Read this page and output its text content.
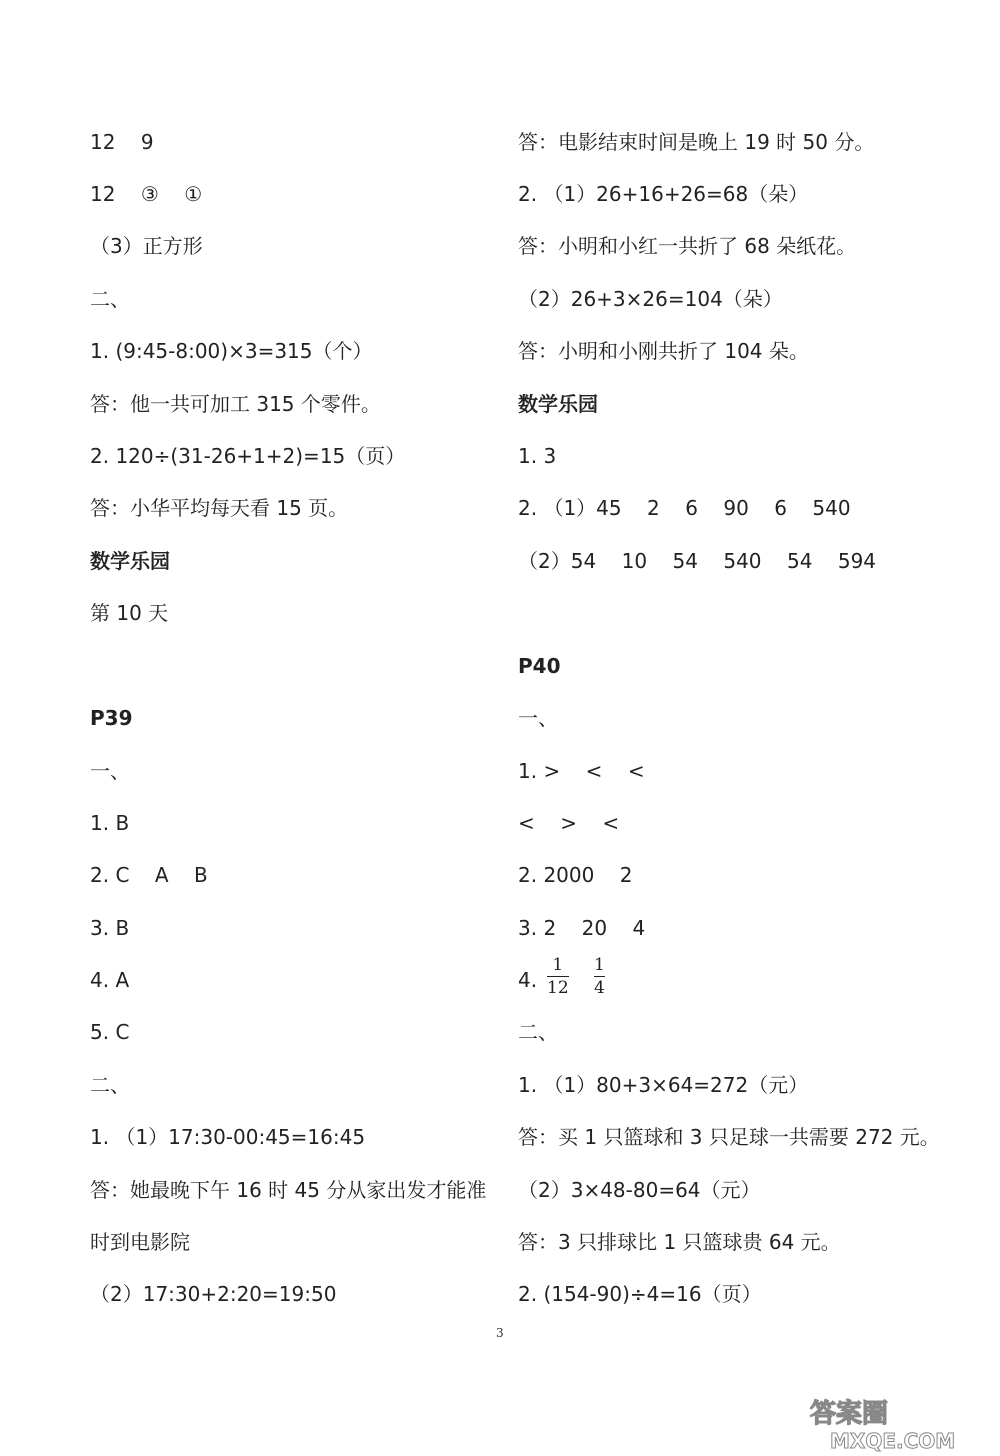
12    9
12    ③    ①
（3）正方形
二、
1. (9:45-8:00)×3=315（个）
答：他一共可加工 315 个零件。
2. 120÷(31-26+1+2)=15（页）
答：小华平均每天看 15 页。
数学乐园
第 10 天
P39
一、
1. B
2. C    A    B
3. B
4. A
5. C
二、
1. （1）17:30-00:45=16:45
答：她最晚下午 16 时 45 分从家出发才能准
时到电影院
（2）17:30+2:20=19:50
答：电影结束时间是晚上 19 时 50 分。
2. （1）26+16+26=68（朵）
答：小明和小红一共折了 68 朵纸花。
（2）26+3×26=104（朵）
答：小明和小刚共折了 104 朵。
数学乐园
1. 3
2. （1）45    2    6    90    6    540
（2）54    10    54    540    54    594
P40
一、
1. >    <    <
<    >    <
2. 2000    2
3. 2    20    4
4.
1
12
1
4
二、
1. （1）80+3×64=272（元）
答：买 1 只篮球和 3 只足球一共需要 272 元。
（2）3×48-80=64（元）
答：3 只排球比 1 只篮球贵 64 元。
2. (154-90)÷4=16（页）
3
答案圈
MXQE.COM
